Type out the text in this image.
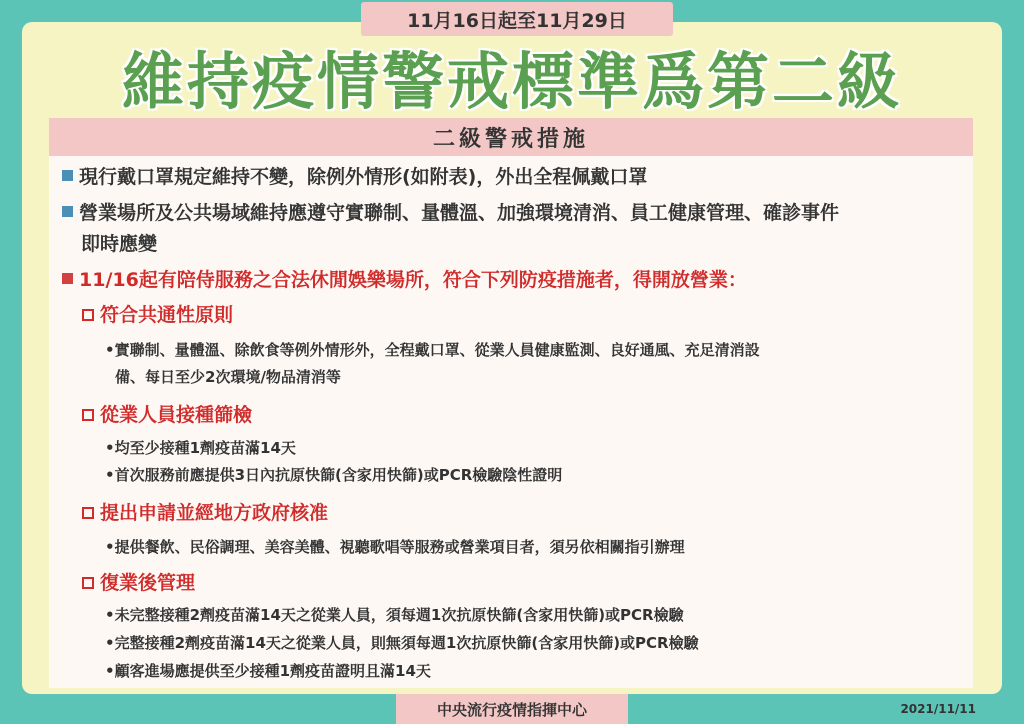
11月16日起至11月29日
維持疫情警戒標準爲第二級
二級警戒措施
現行戴口罩規定維持不變，除例外情形(如附表)，外出全程佩戴口罩
營業場所及公共場域維持應遵守實聯制、量體溫、加強環境清消、員工健康管理、確診事件
即時應變
11/16起有陪侍服務之合法休閒娛樂場所，符合下列防疫措施者，得開放營業：
符合共通性原則
•實聯制、量體溫、除飲食等例外情形外，全程戴口罩、從業人員健康監測、良好通風、充足清消設
備、每日至少2次環境/物品清消等
從業人員接種篩檢
•均至少接種1劑疫苗滿14天
•首次服務前應提供3日內抗原快篩(含家用快篩)或PCR檢驗陰性證明
提出申請並經地方政府核准
•提供餐飲、民俗調理、美容美體、視聽歌唱等服務或營業項目者，須另依相關指引辦理
復業後管理
•未完整接種2劑疫苗滿14天之從業人員，須每週1次抗原快篩(含家用快篩)或PCR檢驗
•完整接種2劑疫苗滿14天之從業人員，則無須每週1次抗原快篩(含家用快篩)或PCR檢驗
•顧客進場應提供至少接種1劑疫苗證明且滿14天
中央流行疫情指揮中心	2021/11/11
